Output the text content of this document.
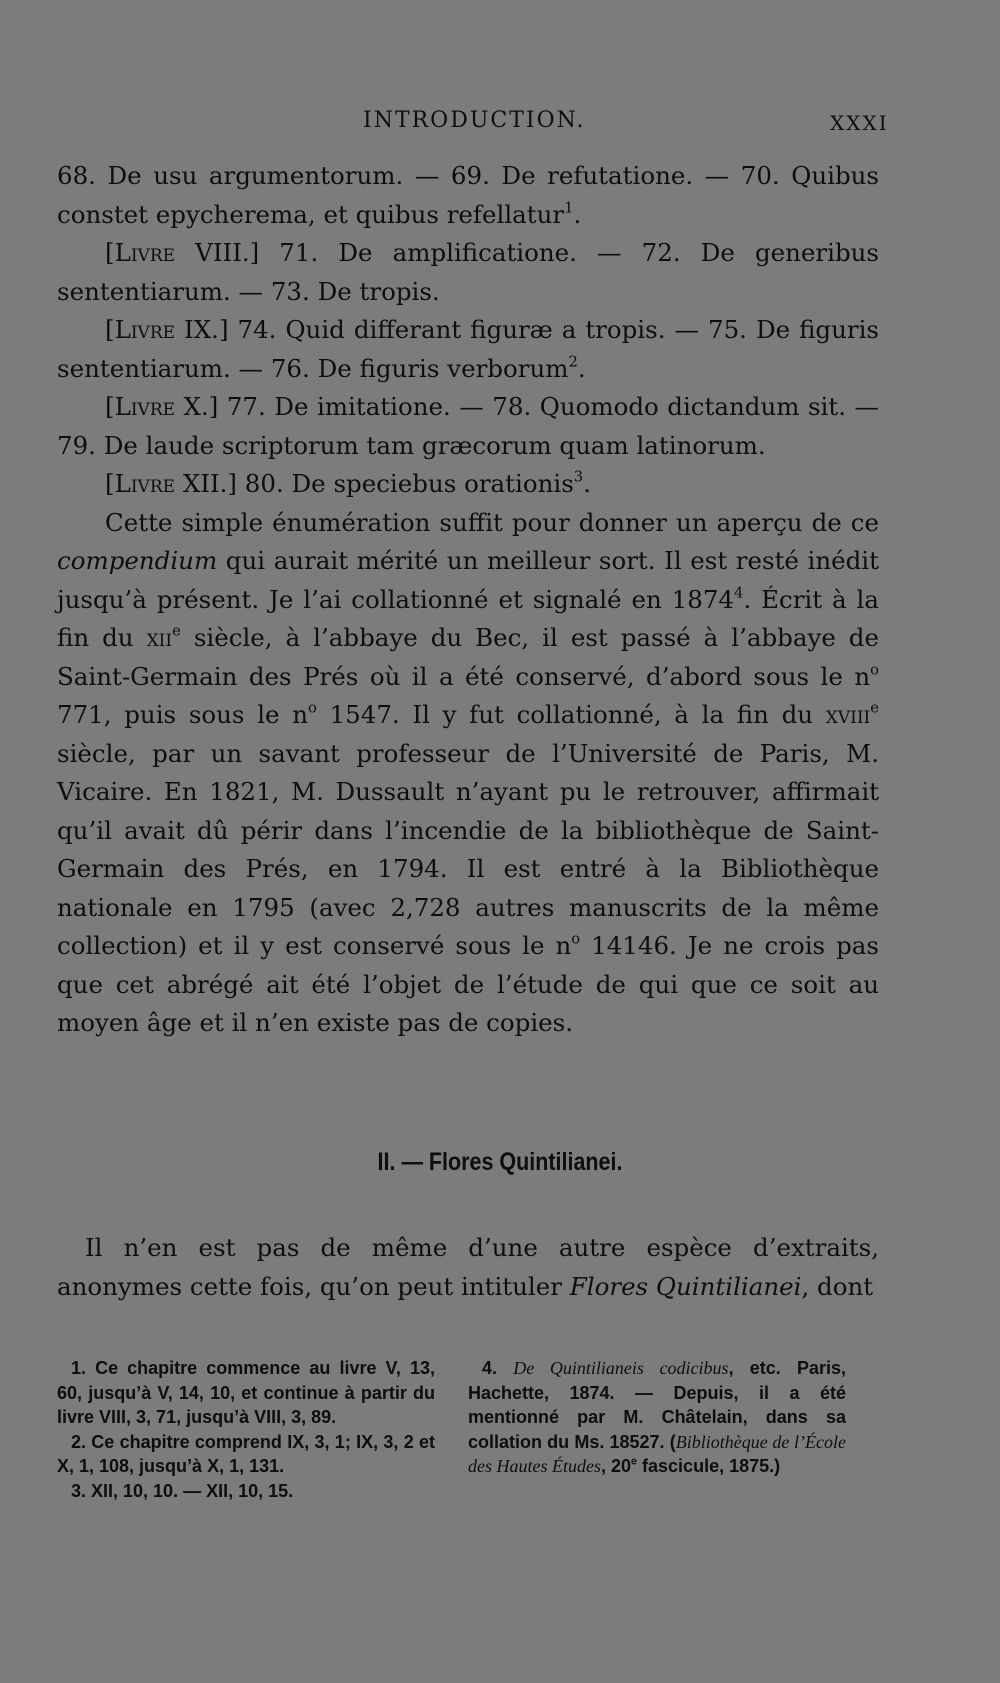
INTRODUCTION.	XXXI

68. De usu argumentorum. — 69. De refutatione. — 70. Quibus constet epycherema, et quibus refellatur$^1$.

[Livre VIII.] 71. De amplificatione. — 72. De generibus sententiarum. — 73. De tropis.

[Livre IX.] 74. Quid differant figuræ a tropis. — 75. De figuris sententiarum. — 76. De figuris verborum$^2$.

[Livre X.] 77. De imitatione. — 78. Quomodo dictandum sit. — 79. De laude scriptorum tam græcorum quam latinorum.

[Livre XII.] 80. De speciebus orationis$^3$.

Cette simple énumération suffit pour donner un aperçu de ce compendium qui aurait mérité un meilleur sort. Il est resté inédit jusqu’à présent. Je l’ai collationné et signalé en 1874$^4$. Écrit à la fin du xii$^e$ siècle, à l’abbaye du Bec, il est passé à l’abbaye de Saint-Germain des Prés où il a été conservé, d’abord sous le $n^o$ 771, puis sous le $n^o$ 1547. Il y fut collationné, à la fin du xviii$^e$ siècle, par un savant professeur de l’Université de Paris, M. Vicaire. En 1821, M. Dussault n’ayant pu le retrouver, affirmait qu’il avait dû périr dans l’incendie de la bibliothèque de Saint-Germain des Prés, en 1794. Il est entré à la Bibliothèque nationale en 1795 (avec 2,728 autres manuscrits de la même collection) et il y est conservé sous le $n^o$ 14146. Je ne crois pas que cet abrégé ait été l’objet de l’étude de qui que ce soit au moyen âge et il n’en existe pas de copies.

II. — Flores Quintilianei.

Il n’en est pas de même d’une autre espèce d’extraits, anonymes cette fois, qu’on peut intituler Flores Quintilianei, dont

1. Ce chapitre commence au livre V, 13, 60, jusqu’à V, 14, 10, et continue à partir du livre VIII, 3, 71, jusqu’à VIII, 3, 89.

2. Ce chapitre comprend IX, 3, 1; IX, 3, 2 et X, 1, 108, jusqu’à X, 1, 131.

3. XII, 10, 10. — XII, 10, 15.

4. De Quintilianeis codicibus, etc. Paris, Hachette, 1874. — Depuis, il a été mentionné par M. Châtelain, dans sa collation du Ms. 18527. (Bibliothèque de l’École des Hautes Études, 20e fascicule, 1875.)
